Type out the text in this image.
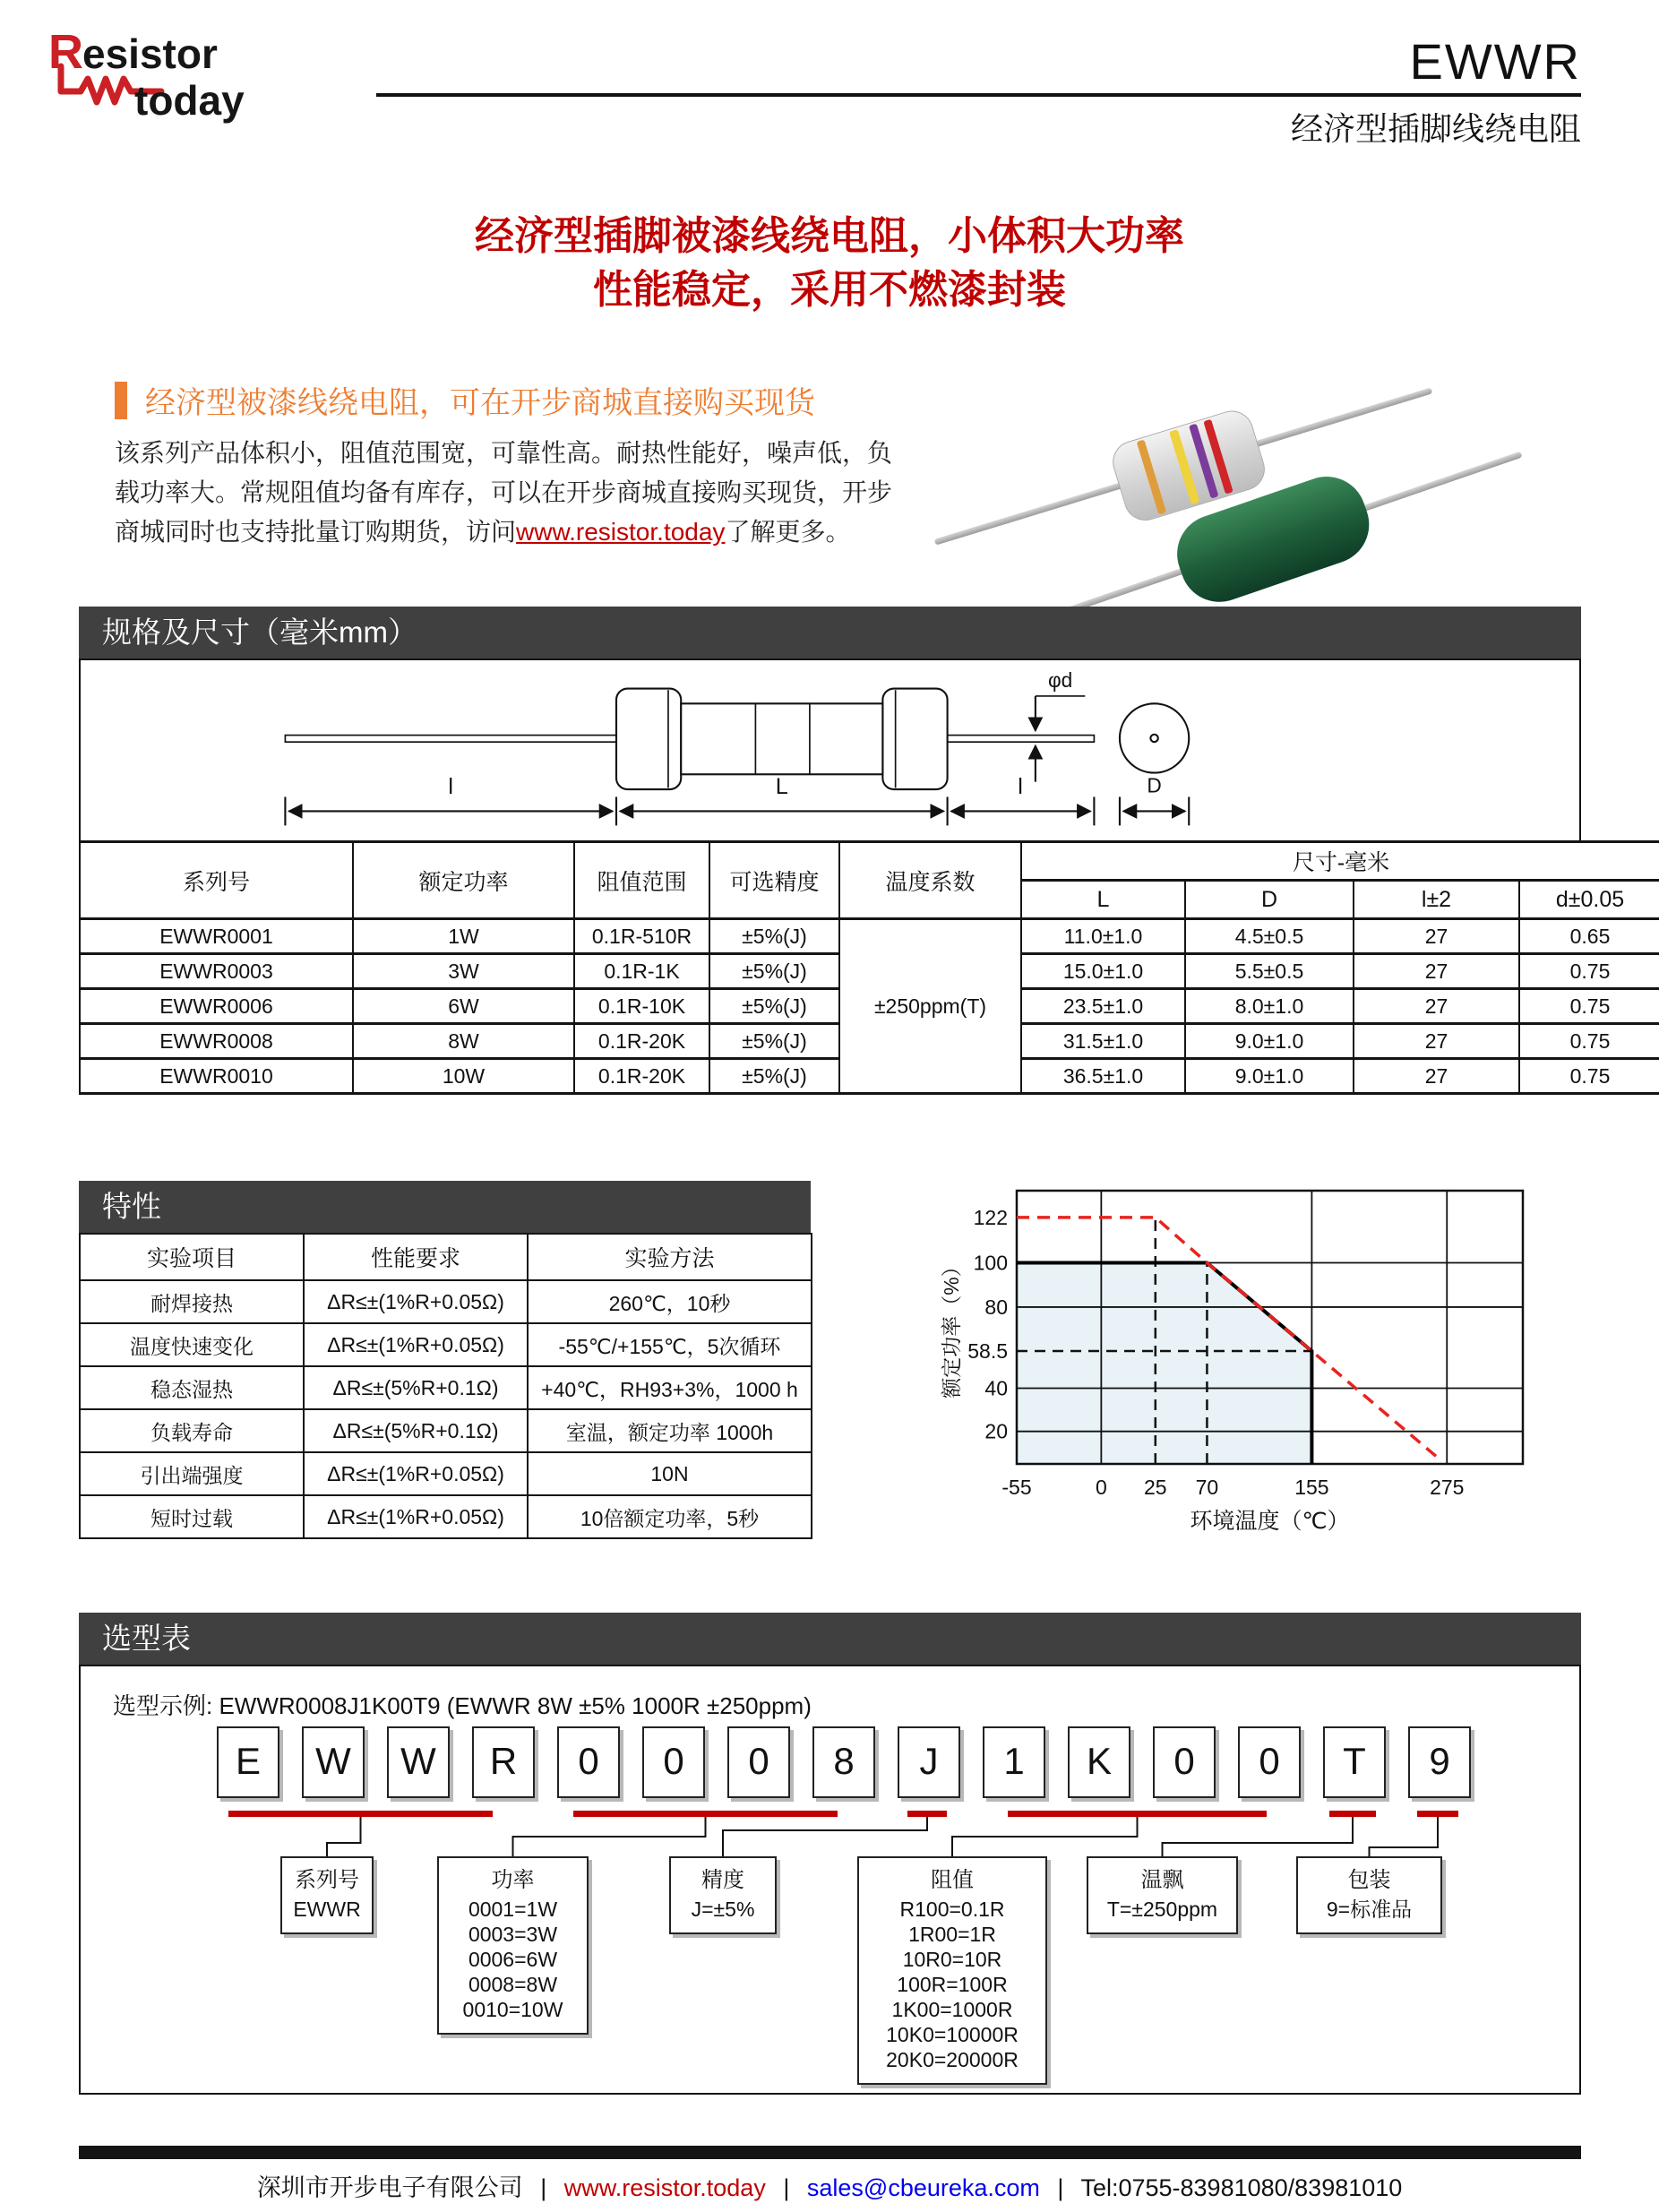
R esistor
today
EWWR
经济型插脚线绕电阻
经济型插脚被漆线绕电阻，小体积大功率
性能稳定，采用不燃漆封装
经济型被漆线绕电阻，可在开步商城直接购买现货
该系列产品体积小，阻值范围宽，可靠性高。耐热性能好，噪声低，负载功率大。常规阻值均备有库存，可以在开步商城直接购买现货，开步商城同时也支持批量订购期货，访问www.resistor.today了解更多。
规格及尺寸（毫米mm）
l	L	l
φd
D
系列号	额定功率	阻值范围	可选精度	温度系数	尺寸-毫米			
					L	D	l±2	d±0.05
EWWR0001	1W	0.1R-510R	±5%(J)	±250ppm(T)	11.0±1.0	4.5±0.5	27	0.65
EWWR0003	3W	0.1R-1K	±5%(J)		15.0±1.0	5.5±0.5	27	0.75
EWWR0006	6W	0.1R-10K	±5%(J)		23.5±1.0	8.0±1.0	27	0.75
EWWR0008	8W	0.1R-20K	±5%(J)		31.5±1.0	9.0±1.0	27	0.75
EWWR0010	10W	0.1R-20K	±5%(J)		36.5±1.0	9.0±1.0	27	0.75
特性
实验项目	性能要求	实验方法
耐焊接热	ΔR≤±(1%R+0.05Ω)	260℃，10秒
温度快速变化	ΔR≤±(1%R+0.05Ω)	-55℃/+155℃，5次循环
稳态湿热	ΔR≤±(5%R+0.1Ω)	+40℃，RH93+3%，1000 h
负载寿命	ΔR≤±(5%R+0.1Ω)	室温，额定功率 1000h
引出端强度	ΔR≤±(1%R+0.05Ω)	10N
短时过载	ΔR≤±(1%R+0.05Ω)	10倍额定功率，5秒
122
100
80
58.5
40
20
-55	0 25 70	155	275
额定功率（%）
环境温度（℃）
选型表
选型示例: EWWR0008J1K00T9 (EWWR 8W ±5% 1000R ±250ppm)
E	W	W	R	0	0	0	8	J	1	K	0	0	T	9
系列号
EWWR
功率
0001=1W
0003=3W
0006=6W
0008=8W
0010=10W
精度
J=±5%
阻值
R100=0.1R
1R00=1R
10R0=10R
100R=100R
1K00=1000R
10K0=10000R
20K0=20000R
温飘
T=±250ppm
包装
9=标准品
深圳市开步电子有限公司 | www.resistor.today | sales@cbeureka.com | Tel:0755-83981080/83981010
